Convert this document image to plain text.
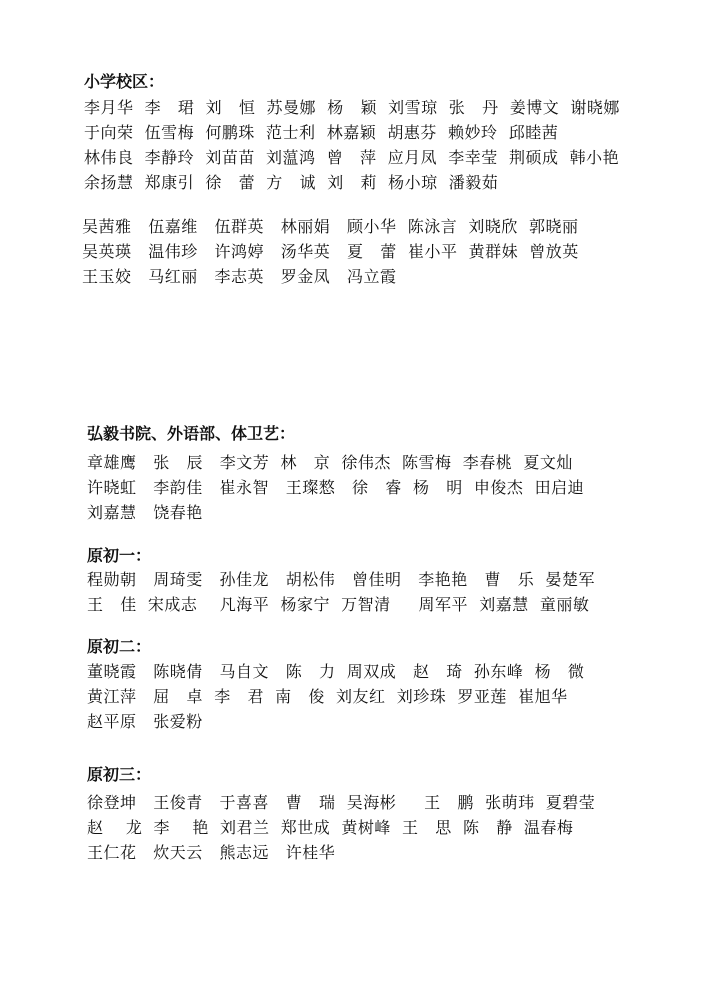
小学校区：
李月华  李   珺  刘   恒  苏曼娜  杨   颖  刘雪琼  张   丹  姜博文  谢晓娜
于向荣  伍雪梅  何鹏珠  范士利  林嘉颖  胡惠芬  赖妙玲  邱睦茜
林伟良  李静玲  刘苗苗  刘蕰鸿  曾   萍  应月凤  李幸莹  荆硕成  韩小艳
余扬慧  郑康引  徐   蕾  方   诚  刘   莉  杨小琼  潘毅茹
吴茜雅   伍嘉维   伍群英   林丽娟   顾小华  陈泳言  刘晓欣  郭晓丽
吴英瑛   温伟珍   许鸿婷   汤华英   夏   蕾  崔小平  黄群妹  曾放英
王玉姣   马红丽   李志英   罗金凤   冯立霞
弘毅书院、外语部、体卫艺：
章雄鹰   张   辰   李文芳  林   京  徐伟杰  陈雪梅  李春桃  夏文灿
许晓虹   李韵佳   崔永智   王璨憗   徐   睿  杨   明  申俊杰  田启迪
刘嘉慧   饶春艳
原初一：
程勋朝   周琦雯   孙佳龙   胡松伟   曾佳明   李艳艳   曹   乐  晏楚军
王   佳  宋成志    凡海平  杨家宁  万智清     周军平  刘嘉慧  童丽敏
原初二：
董晓霞   陈晓倩   马自文   陈   力  周双成   赵   琦  孙东峰  杨   微
黄江萍   屈   卓  李   君  南   俊  刘友红  刘珍珠  罗亚莲  崔旭华
赵平原   张爱粉
原初三：
徐登坤   王俊青   于喜喜   曹   瑞  吴海彬     王   鹏  张萌玮  夏碧莹
赵    龙  李    艳  刘君兰  郑世成  黄树峰  王   思  陈   静  温春梅
王仁花   炊天云   熊志远   许桂华
